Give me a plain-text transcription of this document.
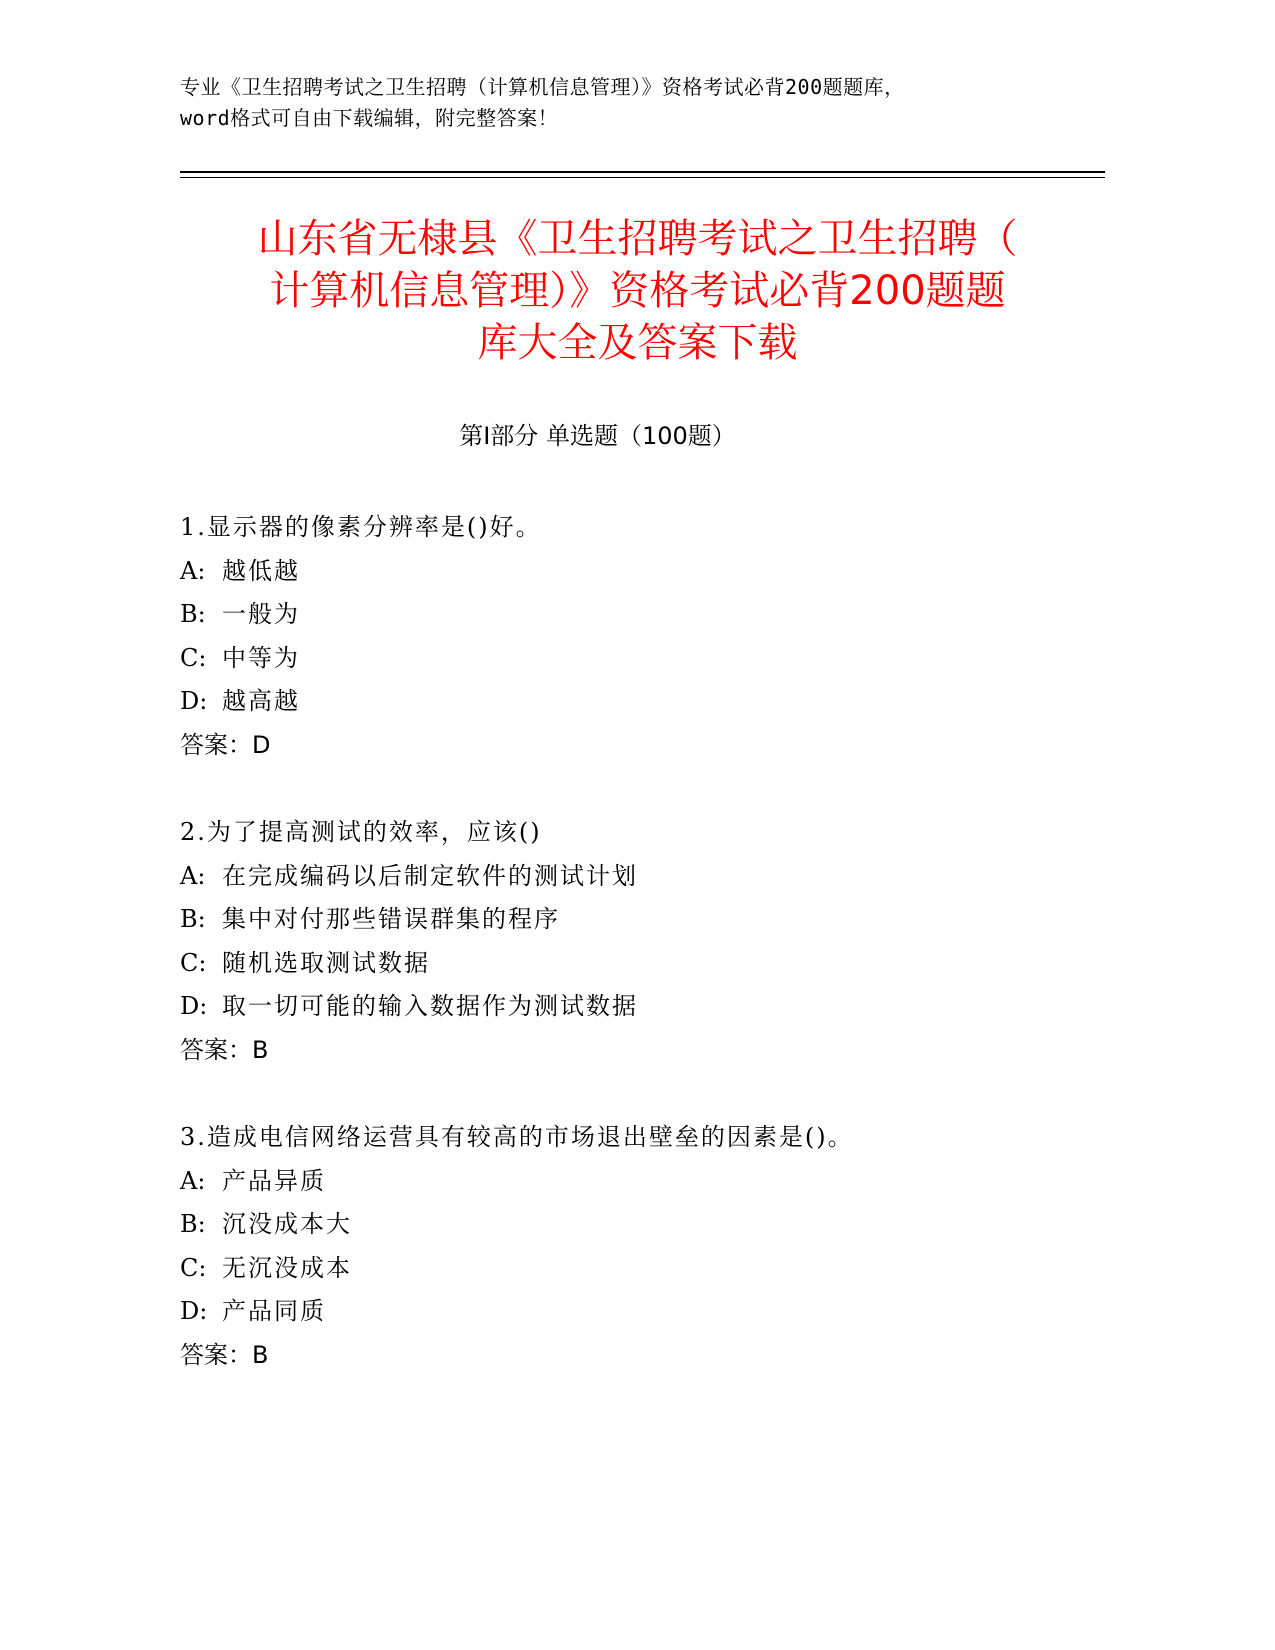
专业《卫生招聘考试之卫生招聘（计算机信息管理）》资格考试必背200题题库，
word格式可自由下载编辑，附完整答案！
山东省无棣县《卫生招聘考试之卫生招聘（
计算机信息管理）》资格考试必背200题题
库大全及答案下载
第Ⅰ部分 单选题（100题）
1.显示器的像素分辨率是()好。
A: 越低越
B: 一般为
C: 中等为
D: 越高越
答案：D
2.为了提高测试的效率，应该()
A: 在完成编码以后制定软件的测试计划
B: 集中对付那些错误群集的程序
C: 随机选取测试数据
D: 取一切可能的输入数据作为测试数据
答案：B
3.造成电信网络运营具有较高的市场退出壁垒的因素是()。
A: 产品异质
B: 沉没成本大
C: 无沉没成本
D: 产品同质
答案：B
